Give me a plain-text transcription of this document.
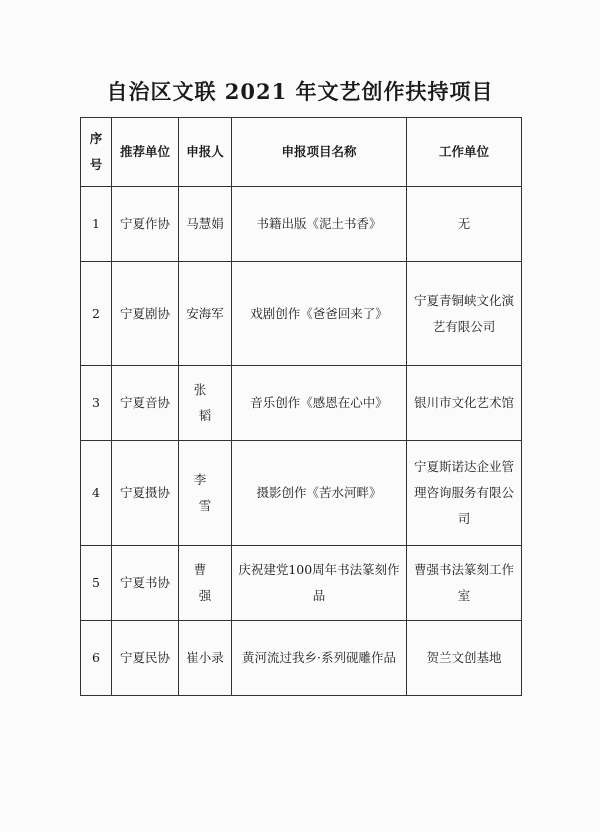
自治区文联 2021 年文艺创作扶持项目
序号	推荐单位	申报人	申报项目名称	工作单位
1	宁夏作协	马慧娟	书籍出版《泥土书香》	无
2	宁夏剧协	安海军	戏剧创作《爸爸回来了》	宁夏青铜峡文化演艺有限公司
3	宁夏音协	张韬	音乐创作《感恩在心中》	银川市文化艺术馆
4	宁夏摄协	李雪	摄影创作《苦水河畔》	宁夏斯诺达企业管理咨询服务有限公司
5	宁夏书协	曹强	庆祝建党100周年书法篆刻作品	曹强书法篆刻工作室
6	宁夏民协	崔小录	黄河流过我乡·系列砚雕作品	贺兰文创基地
